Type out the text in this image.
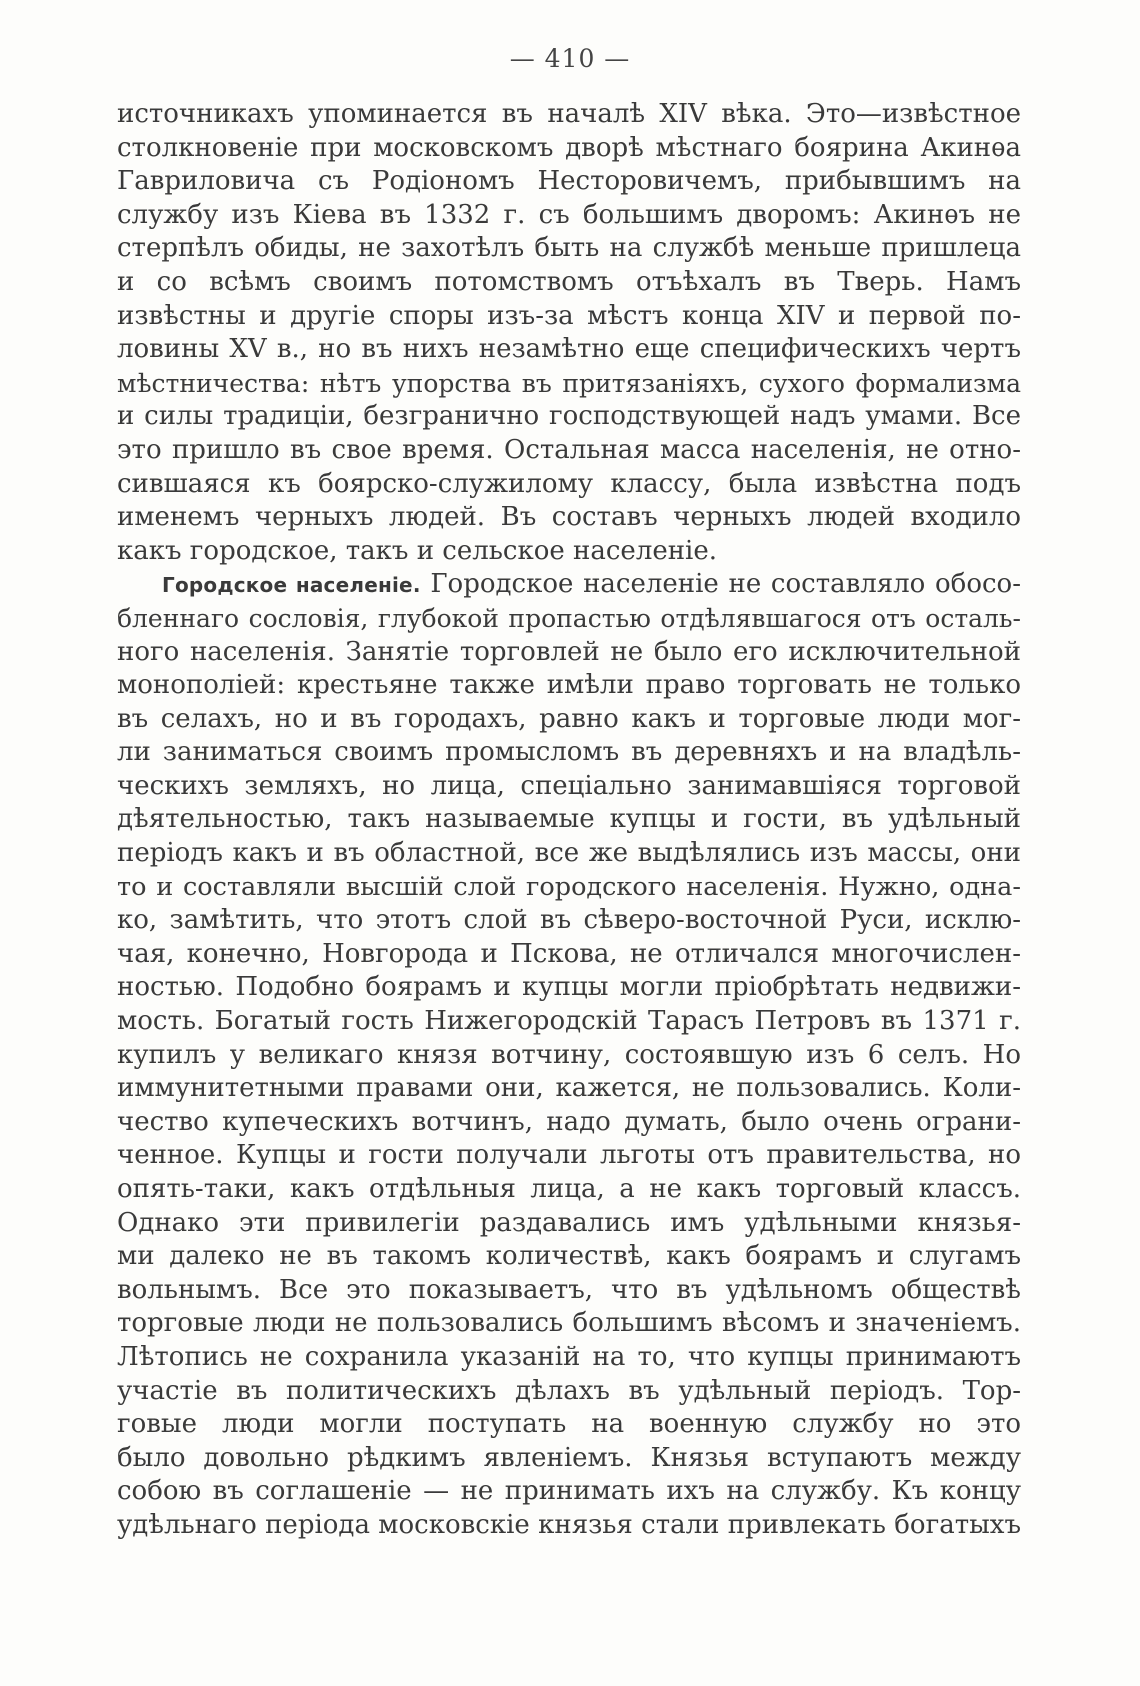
— 410 —
источникахъ упоминается въ началѣ XIV вѣка. Это—извѣстное
столкновеніе при московскомъ дворѣ мѣстнаго боярина Акинѳа
Гавриловича съ Родіономъ Несторовичемъ, прибывшимъ на
службу изъ Кіева въ 1332 г. съ большимъ дворомъ: Акинѳъ не
стерпѣлъ обиды, не захотѣлъ быть на службѣ меньше пришлеца
и со всѣмъ своимъ потомствомъ отъѣхалъ въ Тверь. Намъ
извѣстны и другіе споры изъ-за мѣстъ конца XIV и первой по-
ловины XV в., но въ нихъ незамѣтно еще специфическихъ чертъ
мѣстничества: нѣтъ упорства въ притязаніяхъ, сухого формализма
и силы традиціи, безгранично господствующей надъ умами. Все
это пришло въ свое время. Остальная масса населенія, не отно-
сившаяся къ боярско-служилому классу, была извѣстна подъ
именемъ черныхъ людей. Въ составъ черныхъ людей входило
какъ городское, такъ и сельское населеніе.
Городское населеніе. Городское населеніе не составляло обосо-
бленнаго сословія, глубокой пропастью отдѣлявшагося отъ осталь-
ного населенія. Занятіе торговлей не было его исключительной
монополіей: крестьяне также имѣли право торговать не только
въ селахъ, но и въ городахъ, равно какъ и торговые люди мог-
ли заниматься своимъ промысломъ въ деревняхъ и на владѣль-
ческихъ земляхъ, но лица, спеціально занимавшіяся торговой
дѣятельностью, такъ называемые купцы и гости, въ удѣльный
періодъ какъ и въ областной, все же выдѣлялись изъ массы, они
то и составляли высшій слой городского населенія. Нужно, одна-
ко, замѣтить, что этотъ слой въ сѣверо-восточной Руси, исклю-
чая, конечно, Новгорода и Пскова, не отличался многочислен-
ностью. Подобно боярамъ и купцы могли пріобрѣтать недвижи-
мость. Богатый гость Нижегородскій Тарасъ Петровъ въ 1371 г.
купилъ у великаго князя вотчину, состоявшую изъ 6 селъ. Но
иммунитетными правами они, кажется, не пользовались. Коли-
чество купеческихъ вотчинъ, надо думать, было очень ограни-
ченное. Купцы и гости получали льготы отъ правительства, но
опять-таки, какъ отдѣльныя лица, а не какъ торговый классъ.
Однако эти привилегіи раздавались имъ удѣльными князья-
ми далеко не въ такомъ количествѣ, какъ боярамъ и слугамъ
вольнымъ. Все это показываетъ, что въ удѣльномъ обществѣ
торговые люди не пользовались большимъ вѣсомъ и значеніемъ.
Лѣтопись не сохранила указаній на то, что купцы принимаютъ
участіе въ политическихъ дѣлахъ въ удѣльный періодъ. Тор-
говые люди могли поступать на военную службу но это
было довольно рѣдкимъ явленіемъ. Князья вступаютъ между
собою въ соглашеніе — не принимать ихъ на службу. Къ концу
удѣльнаго періода московскіе князья стали привлекать богатыхъ
